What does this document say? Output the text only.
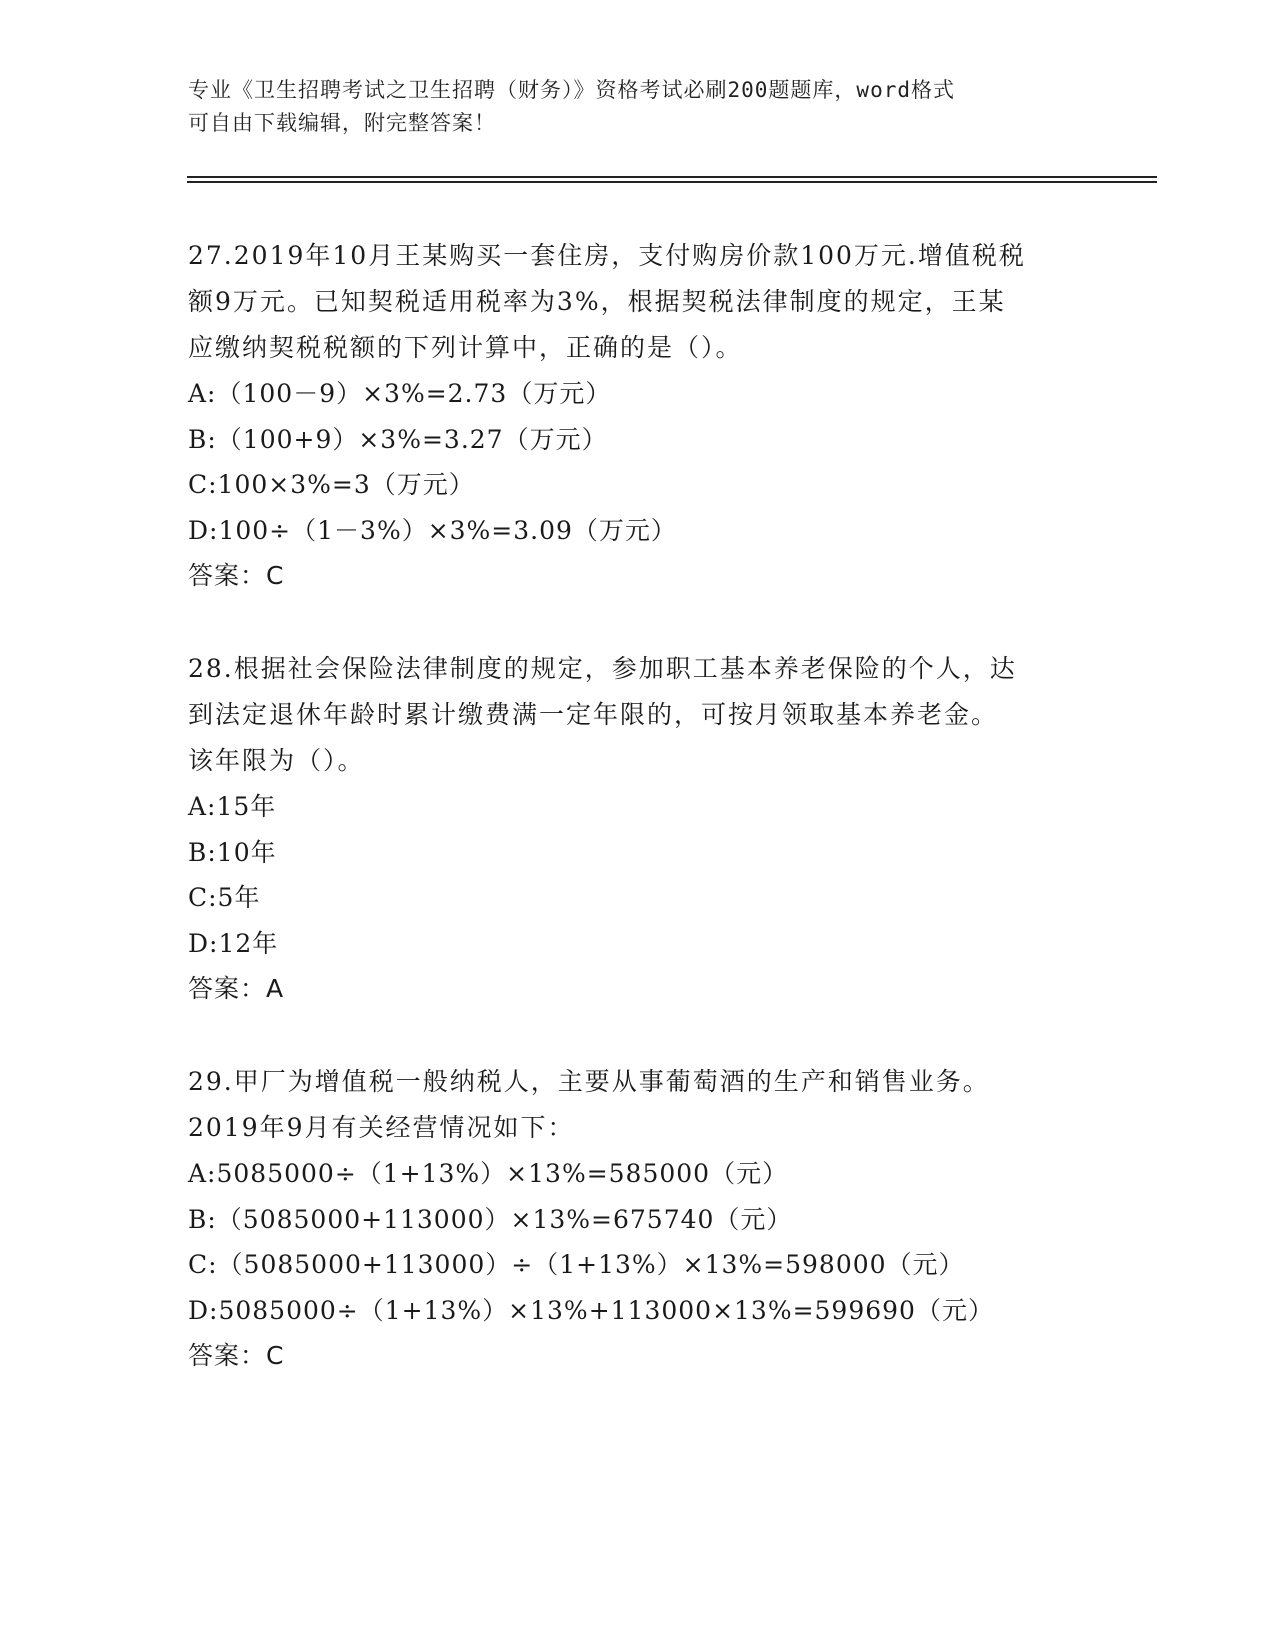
专业《卫生招聘考试之卫生招聘（财务）》资格考试必刷200题题库，word格式
可自由下载编辑，附完整答案！
27.2019年10月王某购买一套住房，支付购房价款100万元.增值税税
额9万元。已知契税适用税率为3%，根据契税法律制度的规定，王某
应缴纳契税税额的下列计算中，正确的是（）。
A:（100－9）×3%=2.73（万元）
B:（100+9）×3%=3.27（万元）
C:100×3%=3（万元）
D:100÷（1－3%）×3%=3.09（万元）
答案：C
28.根据社会保险法律制度的规定，参加职工基本养老保险的个人，达
到法定退休年龄时累计缴费满一定年限的，可按月领取基本养老金。
该年限为（）。
A:15年
B:10年
C:5年
D:12年
答案：A
29.甲厂为增值税一般纳税人，主要从事葡萄酒的生产和销售业务。
2019年9月有关经营情况如下：
A:5085000÷（1+13%）×13%=585000（元）
B:（5085000+113000）×13%=675740（元）
C:（5085000+113000）÷（1+13%）×13%=598000（元）
D:5085000÷（1+13%）×13%+113000×13%=599690（元）
答案：C
